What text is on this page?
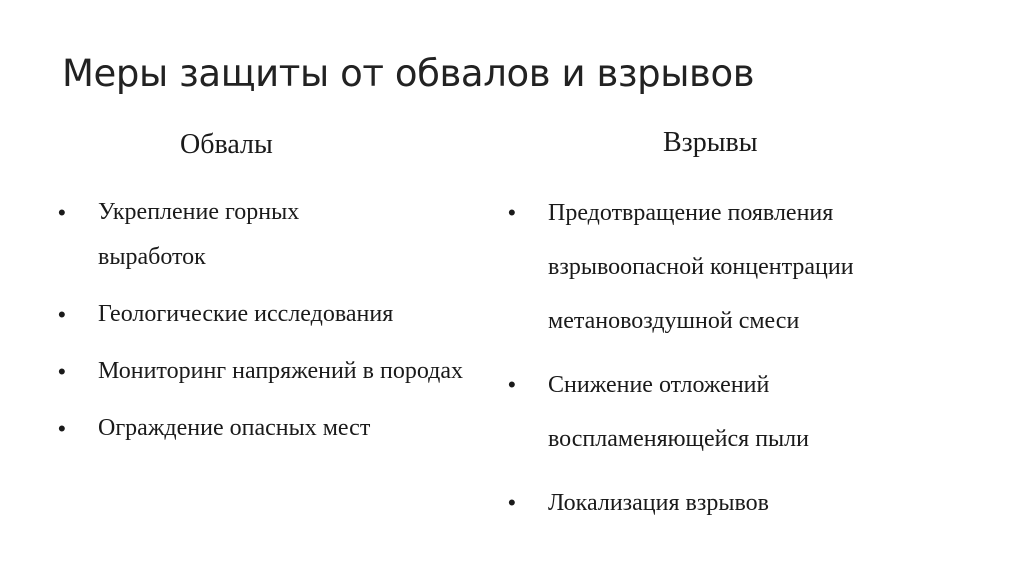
Меры защиты от обвалов и взрывов
Обвалы	Взрывы
• Укрепление горных выработок
• Геологические исследования
• Мониторинг напряжений в породах
• Ограждение опасных мест
• Предотвращение появления взрывоопасной концентрации метановоздушной смеси
• Снижение отложений воспламеняющейся пыли
• Локализация взрывов
